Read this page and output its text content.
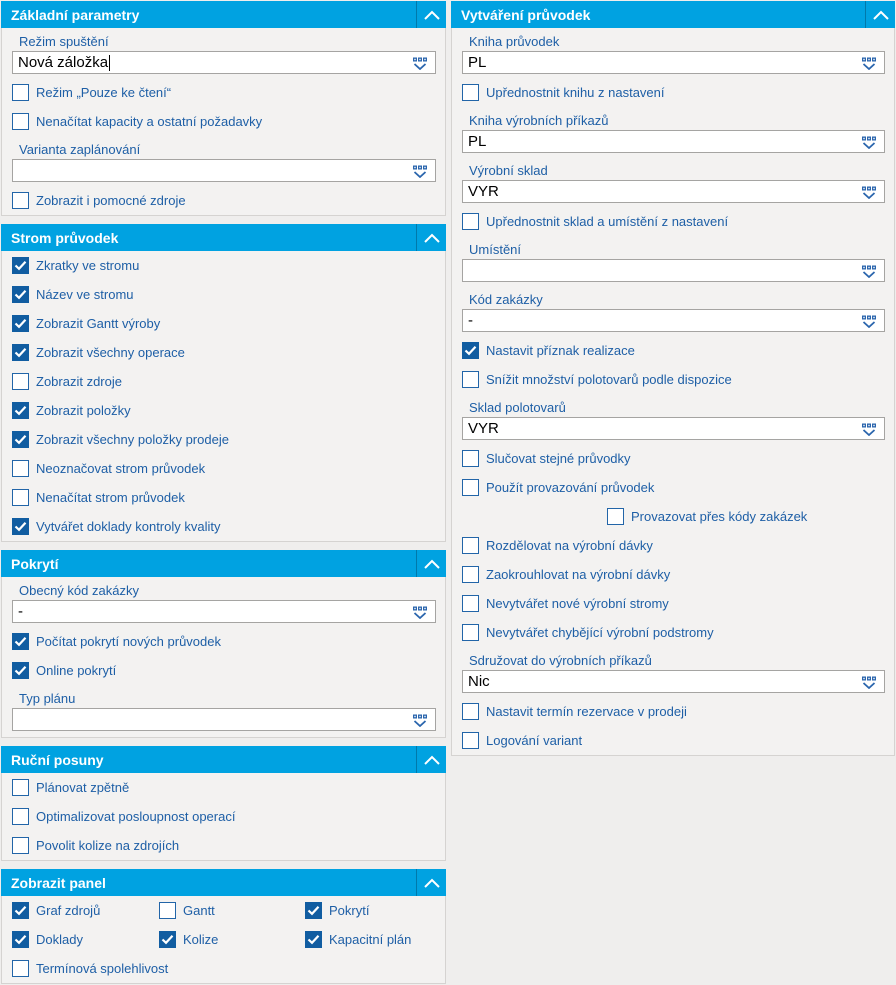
Základní parametry
Režim spuštění
Nová záložka
Režim „Pouze ke čtení“
Nenačítat kapacity a ostatní požadavky
Varianta zaplánování
Zobrazit i pomocné zdroje
Strom průvodek
Zkratky ve stromu
Název ve stromu
Zobrazit Gantt výroby
Zobrazit všechny operace
Zobrazit zdroje
Zobrazit položky
Zobrazit všechny položky prodeje
Neoznačovat strom průvodek
Nenačítat strom průvodek
Vytvářet doklady kontroly kvality
Pokrytí
Obecný kód zakázky
-
Počítat pokrytí nových průvodek
Online pokrytí
Typ plánu
Ruční posuny
Plánovat zpětně
Optimalizovat posloupnost operací
Povolit kolize na zdrojích
Zobrazit panel
Graf zdrojů	Gantt	Pokrytí
Doklady	Kolize	Kapacitní plán
Termínová spolehlivost
Vytváření průvodek
Kniha průvodek
PL
Upřednostnit knihu z nastavení
Kniha výrobních příkazů
PL
Výrobní sklad
VYR
Upřednostnit sklad a umístění z nastavení
Umístění
Kód zakázky
-
Nastavit příznak realizace
Snížit množství polotovarů podle dispozice
Sklad polotovarů
VYR
Slučovat stejné průvodky
Použít provazování průvodek
Provazovat přes kódy zakázek
Rozdělovat na výrobní dávky
Zaokrouhlovat na výrobní dávky
Nevytvářet nové výrobní stromy
Nevytvářet chybějící výrobní podstromy
Sdružovat do výrobních příkazů
Nic
Nastavit termín rezervace v prodeji
Logování variant
